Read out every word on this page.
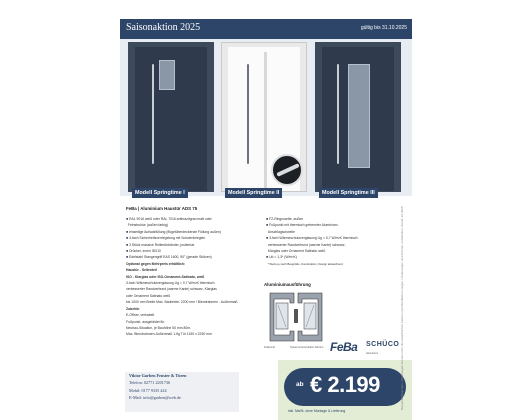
Saisonaktion 2025	gültig bis 31.10.2025
Modell Springtime I	Modell Springtime II	Modell Springtime III
FeBa | Aluminium Haustür ADS 75
■RAL 9016 weiß oder RAL 7016 anthrazitgrau matt oder
Feinstruktur (außen farbig)
■einseitige Aufsatzfüllung (flügelüberdeckende Füllung außen)
■3-fach Sicherheitsverriegelung mit Schwenkriegeln
■3 Stück massive Rollentürbänder, justierbar
■Drücker, innen ID010
■Edelstahl Stangengriff EAS 1600, 90° (gerade Stützen)
Optional gegen Mehrpreis erhältlich:
Haustür - Seitenteil
ISO - Klarglas oder ISO-Ornament-Satinato, weiß
3-fach Wärmeschutzverglasung Ug = 0,7 W/m²K thermisch
verbesserter Randverbund (warme Kante) schwarz, Klarglas
oder Ornament Satinato weiß
bis 1000 mm Breite Max. Baubreite: 2200 mm / Blendrahmen - Außenmaß
Zubehör
E-Öffner, verkabelt
Fußpunkt, ausgebildet für
Neubau-Situation, je Bauhöhe 50 mm 80m.
Max. Blendrahmen-Außenmaß 1-flg Tür 1150 x 2250 mm
■FZ-Ringrosette, außen
■Fußpunkt mit thermisch getrennter Aluminium-
Anschlagschwelle
■3-fach Wärmeschutzverglasung Ug = 0,7 W/m²K thermisch
verbesserter Randverbund (warme Kante) schwarz,
Klarglas oder Ornament Satinato weiß
■Ud = 1,3* (W/m²K)
* Werte je nach Baugröße, Konstruktion, Design abweichend
Aluminiumausführung
Fußpunkt	System-Konstruktion Schüco FeBa SCHÜCO
Aluminium
Viktor Garben Fenster & Türen
Telefon: 02771 2201736
Mobil: 0177 9335 424
E-Mail: info@garben@web.de
ab € 2.199
inkl. MwSt. ohne Montage & Lieferung
Beispielabbildungen, Abbildungen können nicht die tatsächlichen Farben und Oberflächen zeigen / Änderungen und Irrtümer vorbehalten, Stand: 01.2025
